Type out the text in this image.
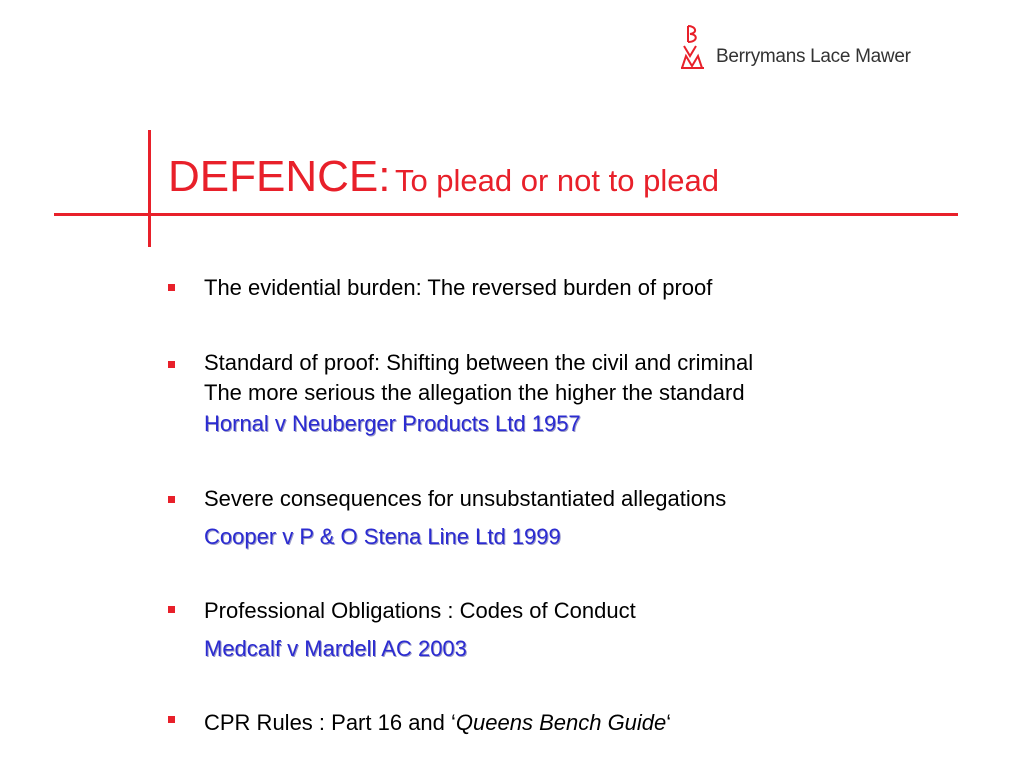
Berrymans Lace Mawer
DEFENCE: To plead or not to plead
The evidential burden: The reversed burden of proof
Standard of proof: Shifting between the civil and criminal
The more serious the allegation the higher the standard
Hornal v Neuberger Products Ltd 1957
Severe consequences for unsubstantiated allegations
Cooper v P & O Stena Line Ltd 1999
Professional Obligations : Codes of Conduct
Medcalf v Mardell AC 2003
CPR Rules : Part 16 and ‘Queens Bench Guide‘
